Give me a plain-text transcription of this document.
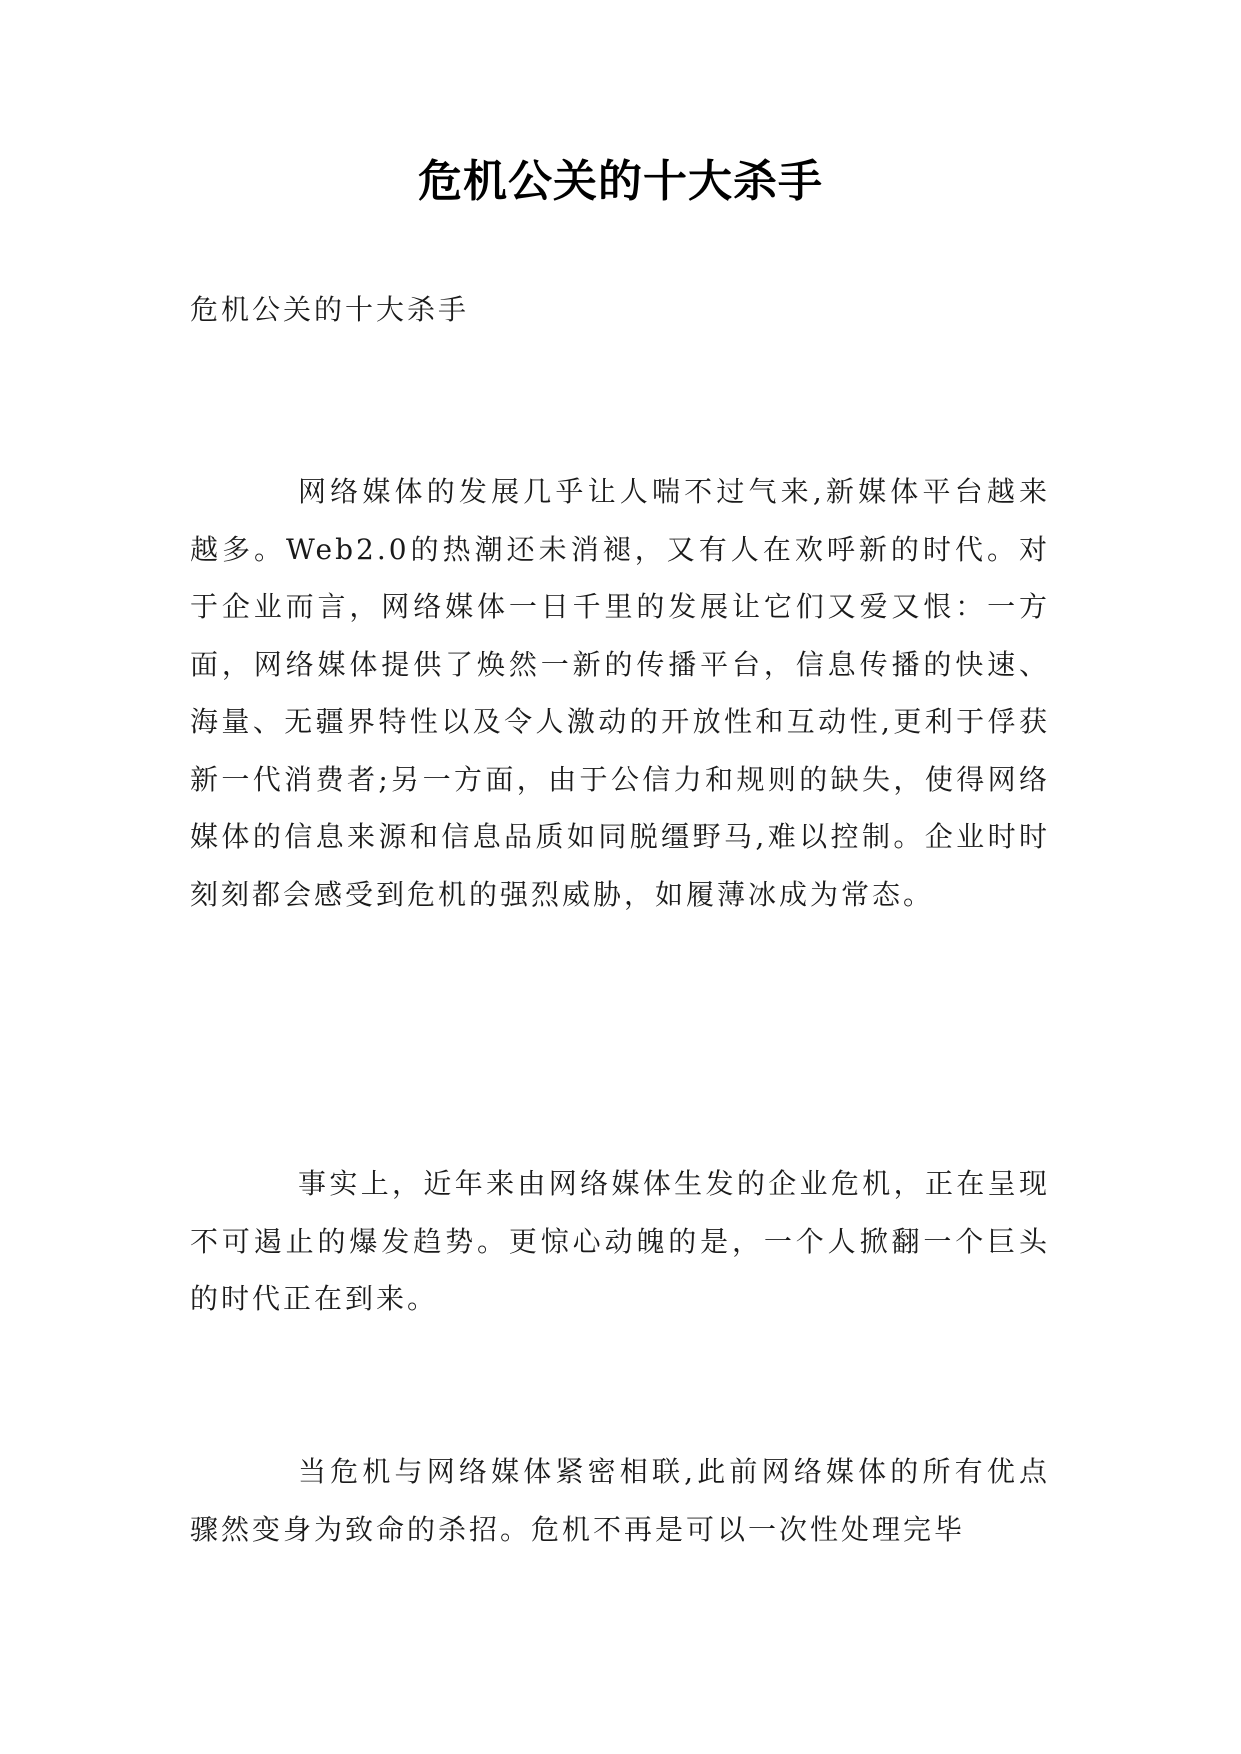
危机公关的十大杀手
危机公关的十大杀手

网络媒体的发展几乎让人喘不过气来,新媒体平台越来越多。Web2.0的热潮还未消褪，又有人在欢呼新的时代。对于企业而言，网络媒体一日千里的发展让它们又爱又恨：一方面，网络媒体提供了焕然一新的传播平台，信息传播的快速、海量、无疆界特性以及令人激动的开放性和互动性,更利于俘获新一代消费者;另一方面，由于公信力和规则的缺失，使得网络媒体的信息来源和信息品质如同脱缰野马,难以控制。企业时时刻刻都会感受到危机的强烈威胁，如履薄冰成为常态。

事实上，近年来由网络媒体生发的企业危机，正在呈现不可遏止的爆发趋势。更惊心动魄的是，一个人掀翻一个巨头的时代正在到来。

当危机与网络媒体紧密相联,此前网络媒体的所有优点骤然变身为致命的杀招。危机不再是可以一次性处理完毕
